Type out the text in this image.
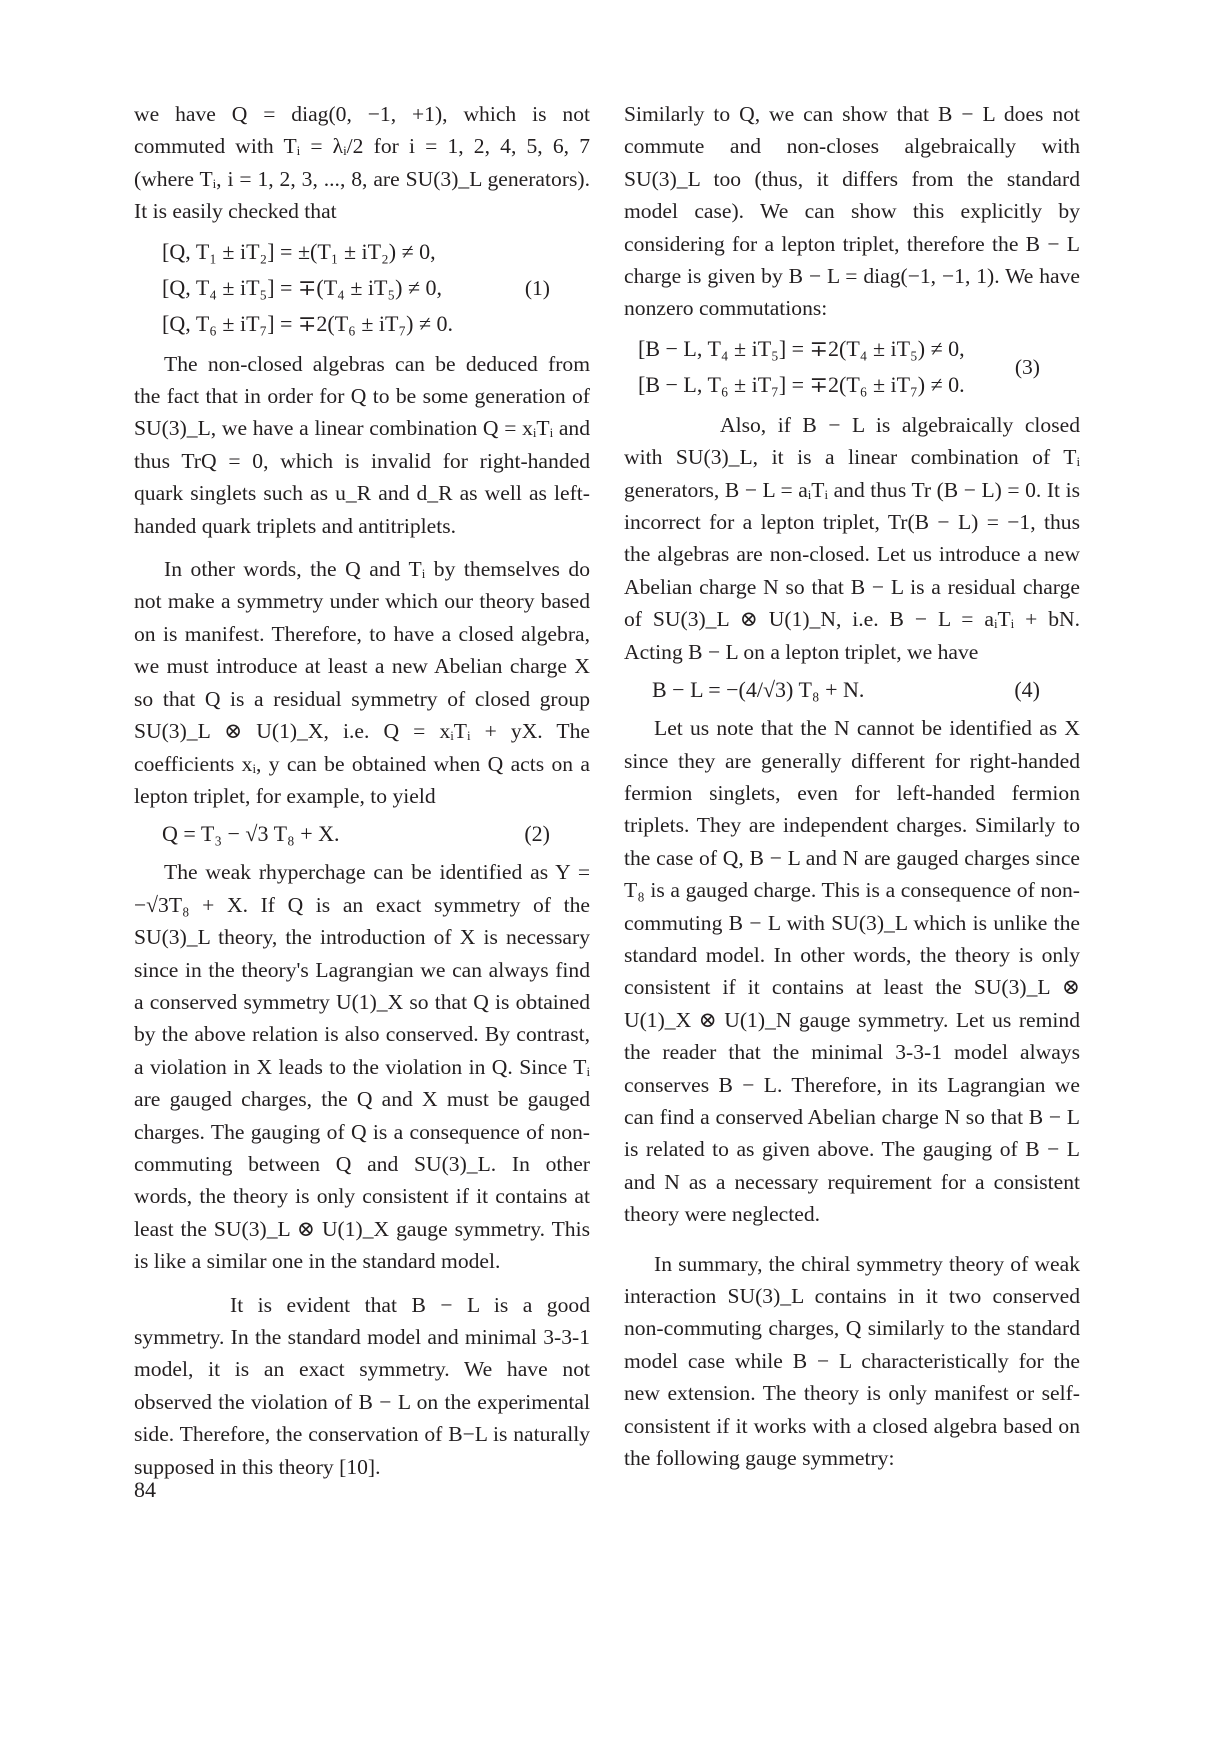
we have Q = diag(0, −1, +1), which is not commuted with Tᵢ = λᵢ/2 for i = 1, 2, 4, 5, 6, 7 (where Tᵢ, i = 1, 2, 3, ..., 8, are SU(3)_L generators). It is easily checked that

[Q, T₁ ± iT₂] = ±(T₁ ± iT₂) ≠ 0,
[Q, T₄ ± iT₅] = ∓(T₄ ± iT₅) ≠ 0,
[Q, T₆ ± iT₇] = ∓2(T₆ ± iT₇) ≠ 0.
(1)

The non-closed algebras can be deduced from the fact that in order for Q to be some generation of SU(3)_L, we have a linear combination Q = xᵢTᵢ and thus TrQ = 0, which is invalid for right-handed quark singlets such as u_R and d_R as well as left-handed quark triplets and antitriplets.

In other words, the Q and Tᵢ by themselves do not make a symmetry under which our theory based on is manifest. Therefore, to have a closed algebra, we must introduce at least a new Abelian charge X so that Q is a residual symmetry of closed group SU(3)_L ⊗ U(1)_X, i.e. Q = xᵢTᵢ + yX. The coefficients xᵢ, y can be obtained when Q acts on a lepton triplet, for example, to yield

Q = T₃ − √3 T₈ + X.	(2)

The weak rhyperchage can be identified as Y = −√3T₈ + X. If Q is an exact symmetry of the SU(3)_L theory, the introduction of X is necessary since in the theory's Lagrangian we can always find a conserved symmetry U(1)_X so that Q is obtained by the above relation is also conserved. By contrast, a violation in X leads to the violation in Q. Since Tᵢ are gauged charges, the Q and X must be gauged charges. The gauging of Q is a consequence of non-commuting between Q and SU(3)_L. In other words, the theory is only consistent if it contains at least the SU(3)_L ⊗ U(1)_X gauge symmetry. This is like a similar one in the standard model.

It is evident that B − L is a good symmetry. In the standard model and minimal 3-3-1 model, it is an exact symmetry. We have not observed the violation of B − L on the experimental side. Therefore, the conservation of B−L is naturally supposed in this theory [10].

Similarly to Q, we can show that B − L does not commute and non-closes algebraically with SU(3)_L too (thus, it differs from the standard model case). We can show this explicitly by considering for a lepton triplet, therefore the B − L charge is given by B − L = diag(−1, −1, 1). We have nonzero commutations:

[B − L, T₄ ± iT₅] = ∓2(T₄ ± iT₅) ≠ 0,
[B − L, T₆ ± iT₇] = ∓2(T₆ ± iT₇) ≠ 0.
(3)

Also, if B − L is algebraically closed with SU(3)_L, it is a linear combination of Tᵢ generators, B − L = aᵢTᵢ and thus Tr (B − L) = 0. It is incorrect for a lepton triplet, Tr(B − L) = −1, thus the algebras are non-closed. Let us introduce a new Abelian charge N so that B − L is a residual charge of SU(3)_L ⊗ U(1)_N, i.e. B − L = aᵢTᵢ + bN. Acting B − L on a lepton triplet, we have

B − L = −(4/√3) T₈ + N.	(4)

Let us note that the N cannot be identified as X since they are generally different for right-handed fermion singlets, even for left-handed fermion triplets. They are independent charges. Similarly to the case of Q, B − L and N are gauged charges since T₈ is a gauged charge. This is a consequence of non-commuting B − L with SU(3)_L which is unlike the standard model. In other words, the theory is only consistent if it contains at least the SU(3)_L ⊗ U(1)_X ⊗ U(1)_N gauge symmetry. Let us remind the reader that the minimal 3-3-1 model always conserves B − L. Therefore, in its Lagrangian we can find a conserved Abelian charge N so that B − L is related to as given above. The gauging of B − L and N as a necessary requirement for a consistent theory were neglected.

In summary, the chiral symmetry theory of weak interaction SU(3)_L contains in it two conserved non-commuting charges, Q similarly to the standard model case while B − L characteristically for the new extension. The theory is only manifest or self-consistent if it works with a closed algebra based on the following gauge symmetry:

84
